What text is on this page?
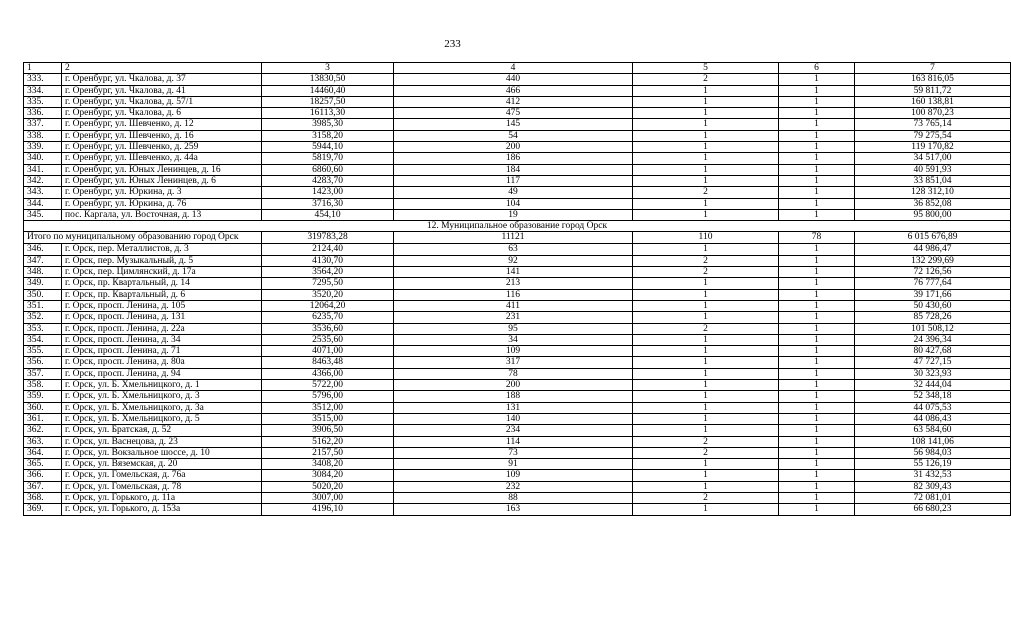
233
1	2	3	4	5	6	7
333.	г. Оренбург, ул. Чкалова, д. 37	13830,50	440	2	1	163 816,05
334.	г. Оренбург, ул. Чкалова, д. 41	14460,40	466	1	1	59 811,72
335.	г. Оренбург, ул. Чкалова, д. 57/1	18257,50	412	1	1	160 138,81
336.	г. Оренбург, ул. Чкалова, д. 6	16113,30	475	1	1	100 870,23
337.	г. Оренбург, ул. Шевченко, д. 12	3985,30	145	1	1	73 765,14
338.	г. Оренбург, ул. Шевченко, д. 16	3158,20	54	1	1	79 275,54
339.	г. Оренбург, ул. Шевченко, д. 259	5944,10	200	1	1	119 170,82
340.	г. Оренбург, ул. Шевченко, д. 44а	5819,70	186	1	1	34 517,00
341.	г. Оренбург, ул. Юных Ленинцев, д. 16	6860,60	184	1	1	40 591,93
342.	г. Оренбург, ул. Юных Ленинцев, д. 6	4283,70	117	1	1	33 851,04
343.	г. Оренбург, ул. Юркина, д. 3	1423,00	49	2	1	128 312,10
344.	г. Оренбург, ул. Юркина, д. 76	3716,30	104	1	1	36 852,08
345.	пос. Каргала, ул. Восточная, д. 13	454,10	19	1	1	95 800,00
12. Муниципальное образование город Орск						
Итого по муниципальному образованию город Орск		319783,28	11121	110	78	6 015 676,89
346.	г. Орск, пер. Металлистов, д. 3	2124,40	63	1	1	44 986,47
347.	г. Орск, пер. Музыкальный, д. 5	4130,70	92	2	1	132 299,69
348.	г. Орск, пер. Цимлянский, д. 17а	3564,20	141	2	1	72 126,56
349.	г. Орск, пр. Квартальный, д. 14	7295,50	213	1	1	76 777,64
350.	г. Орск, пр. Квартальный, д. 6	3520,20	116	1	1	39 171,66
351.	г. Орск, просп. Ленина, д. 105	12064,20	411	1	1	50 430,60
352.	г. Орск, просп. Ленина, д. 131	6235,70	231	1	1	85 728,26
353.	г. Орск, просп. Ленина, д. 22а	3536,60	95	2	1	101 508,12
354.	г. Орск, просп. Ленина, д. 34	2535,60	34	1	1	24 396,34
355.	г. Орск, просп. Ленина, д. 71	4071,00	109	1	1	80 427,68
356.	г. Орск, просп. Ленина, д. 80а	8463,48	317	1	1	47 727,15
357.	г. Орск, просп. Ленина, д. 94	4366,00	78	1	1	30 323,93
358.	г. Орск, ул. Б. Хмельницкого, д. 1	5722,00	200	1	1	32 444,04
359.	г. Орск, ул. Б. Хмельницкого, д. 3	5796,00	188	1	1	52 348,18
360.	г. Орск, ул. Б. Хмельницкого, д. 3а	3512,00	131	1	1	44 075,53
361.	г. Орск, ул. Б. Хмельницкого, д. 5	3515,00	140	1	1	44 086,43
362.	г. Орск, ул. Братская, д. 52	3906,50	234	1	1	63 584,60
363.	г. Орск, ул. Васнецова, д. 23	5162,20	114	2	1	108 141,06
364.	г. Орск, ул. Вокзальное шоссе, д. 10	2157,50	73	2	1	56 984,03
365.	г. Орск, ул. Вяземская, д. 20	3408,20	91	1	1	55 126,19
366.	г. Орск, ул. Гомельская, д. 76а	3084,20	109	1	1	31 432,53
367.	г. Орск, ул. Гомельская, д. 78	5020,20	232	1	1	82 309,43
368.	г. Орск, ул. Горького, д. 11а	3007,00	88	2	1	72 081,01
369.	г. Орск, ул. Горького, д. 153а	4196,10	163	1	1	66 680,23
